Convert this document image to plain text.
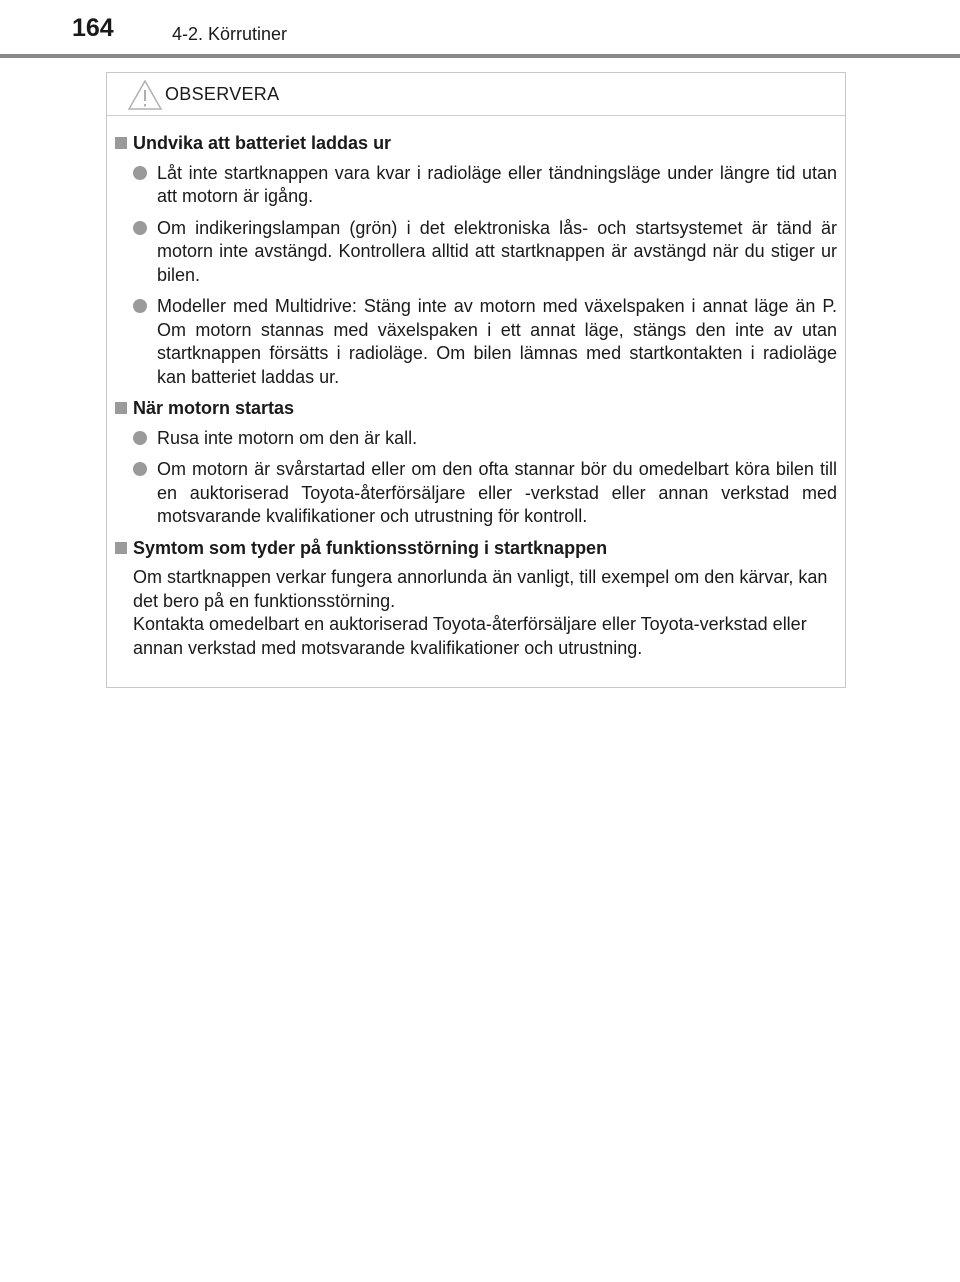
164	4-2. Körrutiner
OBSERVERA
Undvika att batteriet laddas ur
Låt inte startknappen vara kvar i radioläge eller tändningsläge under längre tid utan att motorn är igång.
Om indikeringslampan (grön) i det elektroniska lås- och startsystemet är tänd är motorn inte avstängd. Kontrollera alltid att startknappen är avstängd när du stiger ur bilen.
Modeller med Multidrive: Stäng inte av motorn med växelspaken i annat läge än P. Om motorn stannas med växelspaken i ett annat läge, stängs den inte av utan startknappen försätts i radioläge. Om bilen lämnas med startkontakten i radioläge kan batteriet laddas ur.
När motorn startas
Rusa inte motorn om den är kall.
Om motorn är svårstartad eller om den ofta stannar bör du omedelbart köra bilen till en auktoriserad Toyota-återförsäljare eller -verkstad eller annan verkstad med motsvarande kvalifikationer och utrustning för kontroll.
Symtom som tyder på funktionsstörning i startknappen
Om startknappen verkar fungera annorlunda än vanligt, till exempel om den kärvar, kan det bero på en funktionsstörning.
Kontakta omedelbart en auktoriserad Toyota-återförsäljare eller Toyota-verkstad eller annan verkstad med motsvarande kvalifikationer och utrustning.
